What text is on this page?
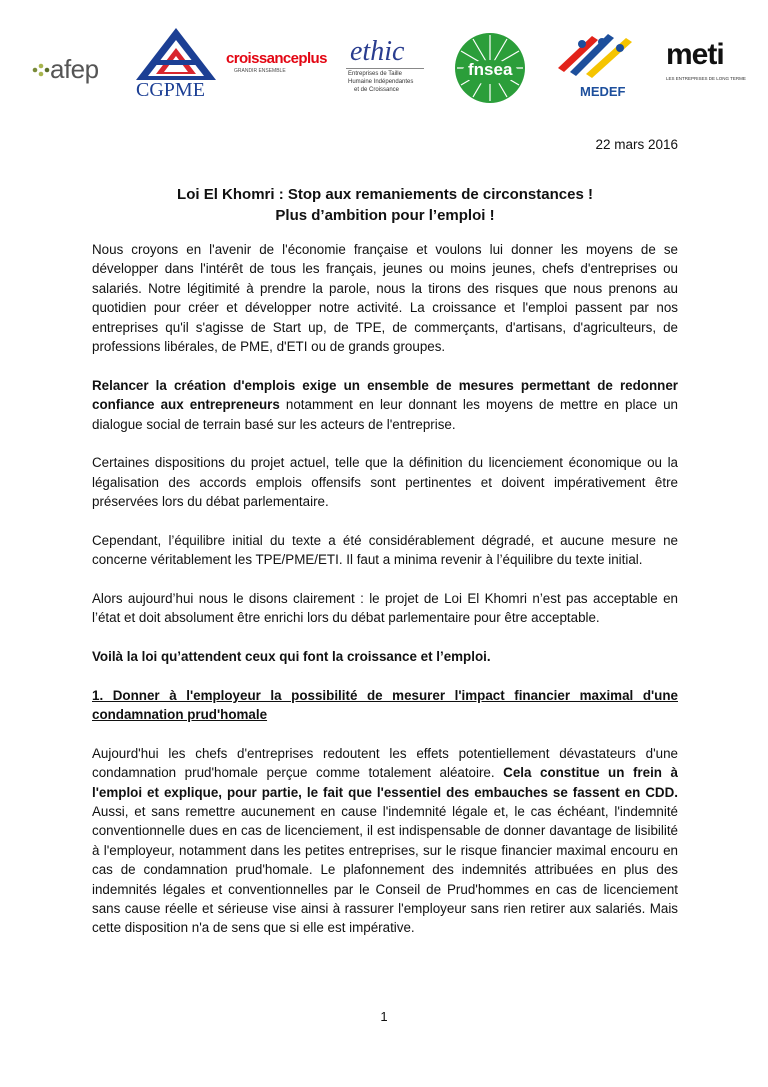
afep
CGPME
croissanceplus
GRANDIR ENSEMBLE
ethic
Entreprises de Taille
Humaine Indépendantes
et de Croissance
fnsea
MEDEF
meti
LES ENTREPRISES DE LONG TERME
22 mars 2016
Loi El Khomri : Stop aux remaniements de circonstances !
Plus d’ambition pour l’emploi !

Nous croyons en l'avenir de l'économie française et voulons lui donner les moyens de se développer dans l'intérêt de tous les français, jeunes ou moins jeunes, chefs d'entreprises ou salariés. Notre légitimité à prendre la parole, nous la tirons des risques que nous prenons au quotidien pour créer et développer notre activité. La croissance et l'emploi passent par nos entreprises qu'il s'agisse de Start up, de TPE, de commerçants, d'artisans, d'agriculteurs, de professions libérales, de PME, d'ETI ou de grands groupes.

Relancer la création d'emplois exige un ensemble de mesures permettant de redonner confiance aux entrepreneurs notamment en leur donnant les moyens de mettre en place un dialogue social de terrain basé sur les acteurs de l'entreprise.

Certaines dispositions du projet actuel, telle que la définition du licenciement économique ou la légalisation des accords emplois offensifs sont pertinentes et doivent impérativement être préservées lors du débat parlementaire.

Cependant, l’équilibre initial du texte a été considérablement dégradé, et aucune mesure ne concerne véritablement les TPE/PME/ETI. Il faut a minima revenir à l’équilibre du texte initial.

Alors aujourd’hui nous le disons clairement : le projet de Loi El Khomri n’est pas acceptable en l’état et doit absolument être enrichi lors du débat parlementaire pour être acceptable.

Voilà la loi qu’attendent ceux qui font la croissance et l’emploi.

1. Donner à l'employeur la possibilité de mesurer l'impact financier maximal d'une condamnation prud'homale

Aujourd'hui les chefs d'entreprises redoutent les effets potentiellement dévastateurs d'une condamnation prud'homale perçue comme totalement aléatoire. Cela constitue un frein à l'emploi et explique, pour partie, le fait que l'essentiel des embauches se fassent en CDD. Aussi, et sans remettre aucunement en cause l'indemnité légale et, le cas échéant, l'indemnité conventionnelle dues en cas de licenciement, il est indispensable de donner davantage de lisibilité à l'employeur, notamment dans les petites entreprises, sur le risque financier maximal encouru en cas de condamnation prud'homale. Le plafonnement des indemnités attribuées en plus des indemnités légales et conventionnelles par le Conseil de Prud'hommes en cas de licenciement sans cause réelle et sérieuse vise ainsi à rassurer l'employeur sans rien retirer aux salariés. Mais cette disposition n'a de sens que si elle est impérative.

1
